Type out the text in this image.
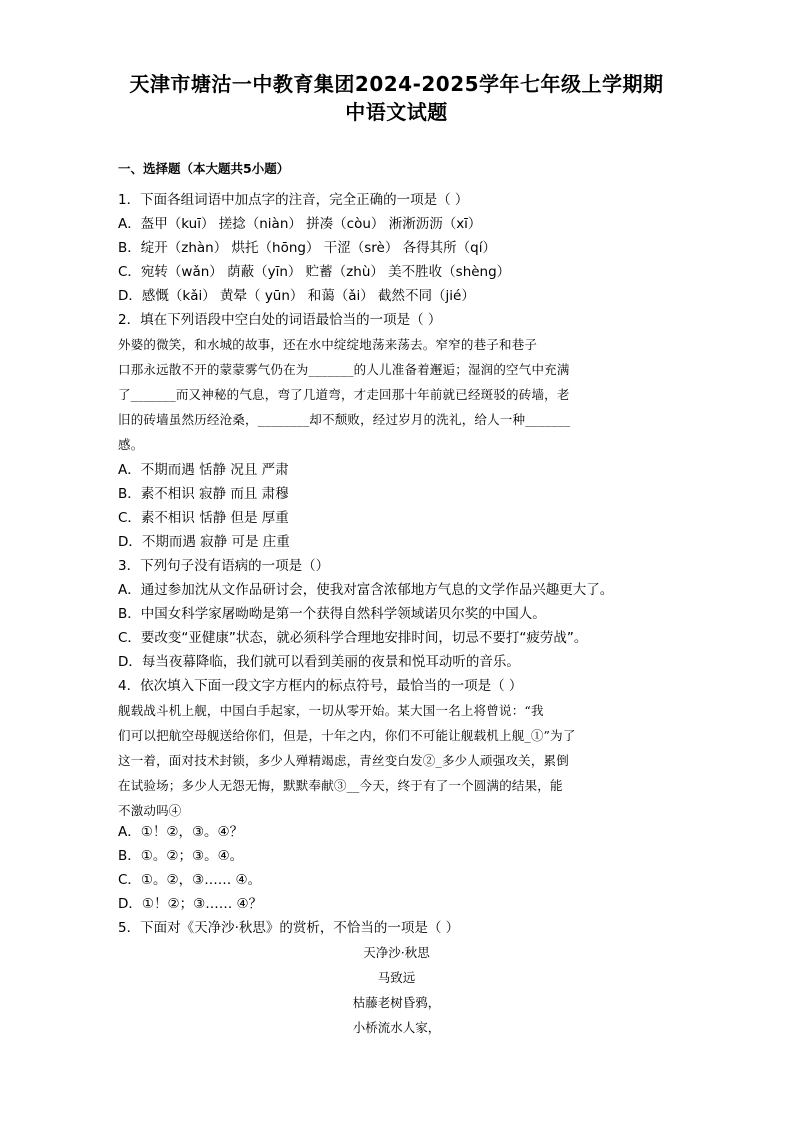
天津市塘沽一中教育集团2024-2025学年七年级上学期期
中语文试题
一、选择题（本大题共5小题）
1．下面各组词语中加点字的注音，完全正确的一项是（ ）
A．盔甲（kuī） 搓捻（niàn） 拼凑（còu） 淅淅沥沥（xī）
B．绽开（zhàn） 烘托（hōng） 干涩（srè） 各得其所（qí）
C．宛转（wǎn） 荫蔽（yīn） 贮蓄（zhù） 美不胜收（shèng）
D．感慨（kǎi） 黄晕（ yūn） 和蔼（ǎi） 截然不同（jié）
2．填在下列语段中空白处的词语最恰当的一项是（ ）
外婆的微笑，和水城的故事，还在水中绽绽地荡来荡去。窄窄的巷子和巷子
口那永远散不开的蒙蒙雾气仍在为_______的人儿准备着邂逅；湿润的空气中充满
了_______而又神秘的气息，弯了几道弯，才走回那十年前就已经斑驳的砖墙，老
旧的砖墙虽然历经沧桑，________却不颓败，经过岁月的洗礼，给人一种_______
感。
A．不期而遇 恬静 况且 严肃
B．素不相识 寂静 而且 肃穆
C．素不相识 恬静 但是 厚重
D．不期而遇 寂静 可是 庄重
3．下列句子没有语病的一项是（）
A．通过参加沈从文作品研讨会，使我对富含浓郁地方气息的文学作品兴趣更大了。
B．中国女科学家屠呦呦是第一个获得自然科学领域诺贝尔奖的中国人。
C．要改变“亚健康”状态，就必须科学合理地安排时间，切忌不要打“疲劳战”。
D．每当夜幕降临，我们就可以看到美丽的夜景和悦耳动听的音乐。
4．依次填入下面一段文字方框内的标点符号，最恰当的一项是（ ）
舰载战斗机上舰，中国白手起家，一切从零开始。某大国一名上将曾说：“我
们可以把航空母舰送给你们，但是，十年之内，你们不可能让舰载机上舰_①”为了
这一着，面对技术封锁，多少人殚精竭虑，青丝变白发②_多少人顽强攻关，累倒
在试验场；多少人无怨无悔，默默奉献③__今天，终于有了一个圆满的结果，能
不激动吗④
A．①！②，③。④？
B．①。②；③。④。
C．①。②，③…… ④。
D．①！②；③…… ④？
5．下面对《天净沙·秋思》的赏析，不恰当的一项是（ ）
天净沙·秋思
马致远
枯藤老树昏鸦，
小桥流水人家，
